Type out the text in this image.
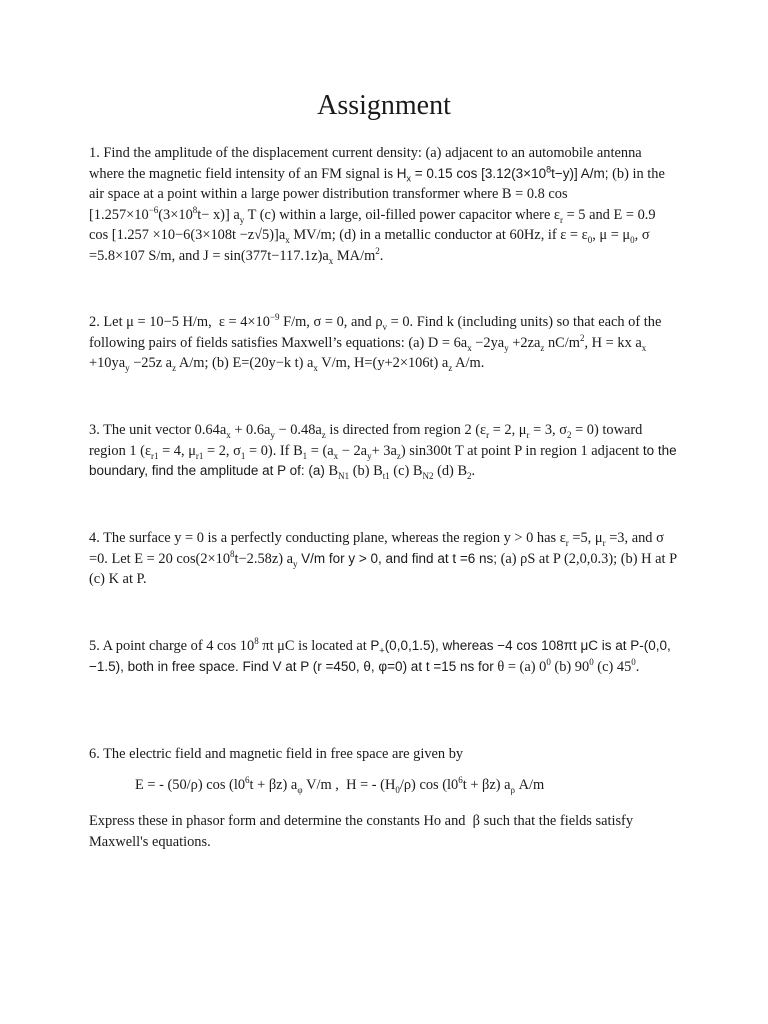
Assignment
1. Find the amplitude of the displacement current density: (a) adjacent to an automobile antenna where the magnetic field intensity of an FM signal is $H_x = 0.15$ $\cos [3.12(3\times 10^8t-y)]$ A/m; (b) in the air space at a point within a large power distribution transformer where B = 0.8 $\cos [1.257\times 10^{-6}(3\times 10^8t- x)]$ $a_y$ T (c) within a large, oil-filled power capacitor where $\varepsilon_r = 5$ and E = 0.9 $\cos [1.257 \times 10-6(3\times 108t -z√5)]a_x$ MV/m; (d) in a metallic conductor at 60Hz, if $\varepsilon = \varepsilon_0$, $\mu = \mu_0$, σ =5.8×107 S/m, and $J = \sin(377t-117.1z)a_x$ $MA/m^2$.
2. Let μ = 10−5 H/m,  $\varepsilon = 4\times 10^{-9}$ F/m, σ = 0, and $\rho_v = 0$. Find k (including units) so that each of the following pairs of fields satisfies Maxwell’s equations: (a) $D = 6a_x -2ya_y +2za_z$ $nC/m^2$, H = kx $a_x +10ya_y -25z$ $a_z$ A/m; (b) E=(20y−k t) $a_x$ V/m, H=(y+2×106t) $a_z$ A/m.
3. The unit vector $0.64a_x + 0.6a_y - 0.48a_z$ is directed from region 2 ($\varepsilon_r = 2$, $\mu_r = 3$, $\sigma_2 = 0$) toward region 1 ($\varepsilon_{r1} = 4$, $\mu_{r1} = 2$, $\sigma_1 = 0$). If $B_1 = (a_x - 2a_y+ 3a_z)$ sin300t T at point P in region 1 adjacent to the boundary, find the amplitude at P of: (a) $B_{N1}$ (b) $B_{t1}$ (c) $B_{N2}$ (d) $B_2$.
4. The surface y = 0 is a perfectly conducting plane, whereas the region y > 0 has $\varepsilon_r =5$, $\mu_r =3$, and σ =0. Let E = 20 $\cos(2\times 10^8t-2.58z)$ $a_y$ V/m for y > 0, and find at t =6 ns; (a) ρS at P (2,0,0.3); (b) H at P (c) K at P.
5. A point charge of 4 $\cos 10^8$ πt μC is located at $P_+(0,0,1.5)$, whereas −4 cos 108πt μC is at P-(0,0, −1.5), both in free space. Find V at P (r =450, θ, φ=0) at t =15 ns for θ = (a) $0^0$ (b) $90^0$ (c) $45^0$.
6. The electric field and magnetic field in free space are given by
E = - (50/ρ) $\cos (l0^6t + \beta z)$ $a_\varphi$ V/m ,  H = - $(H_0/\rho)$ $\cos (l0^6t + \beta z)$ $a_\rho$ A/m
Express these in phasor form and determine the constants Ho and  β such that the fields satisfy Maxwell's equations.
